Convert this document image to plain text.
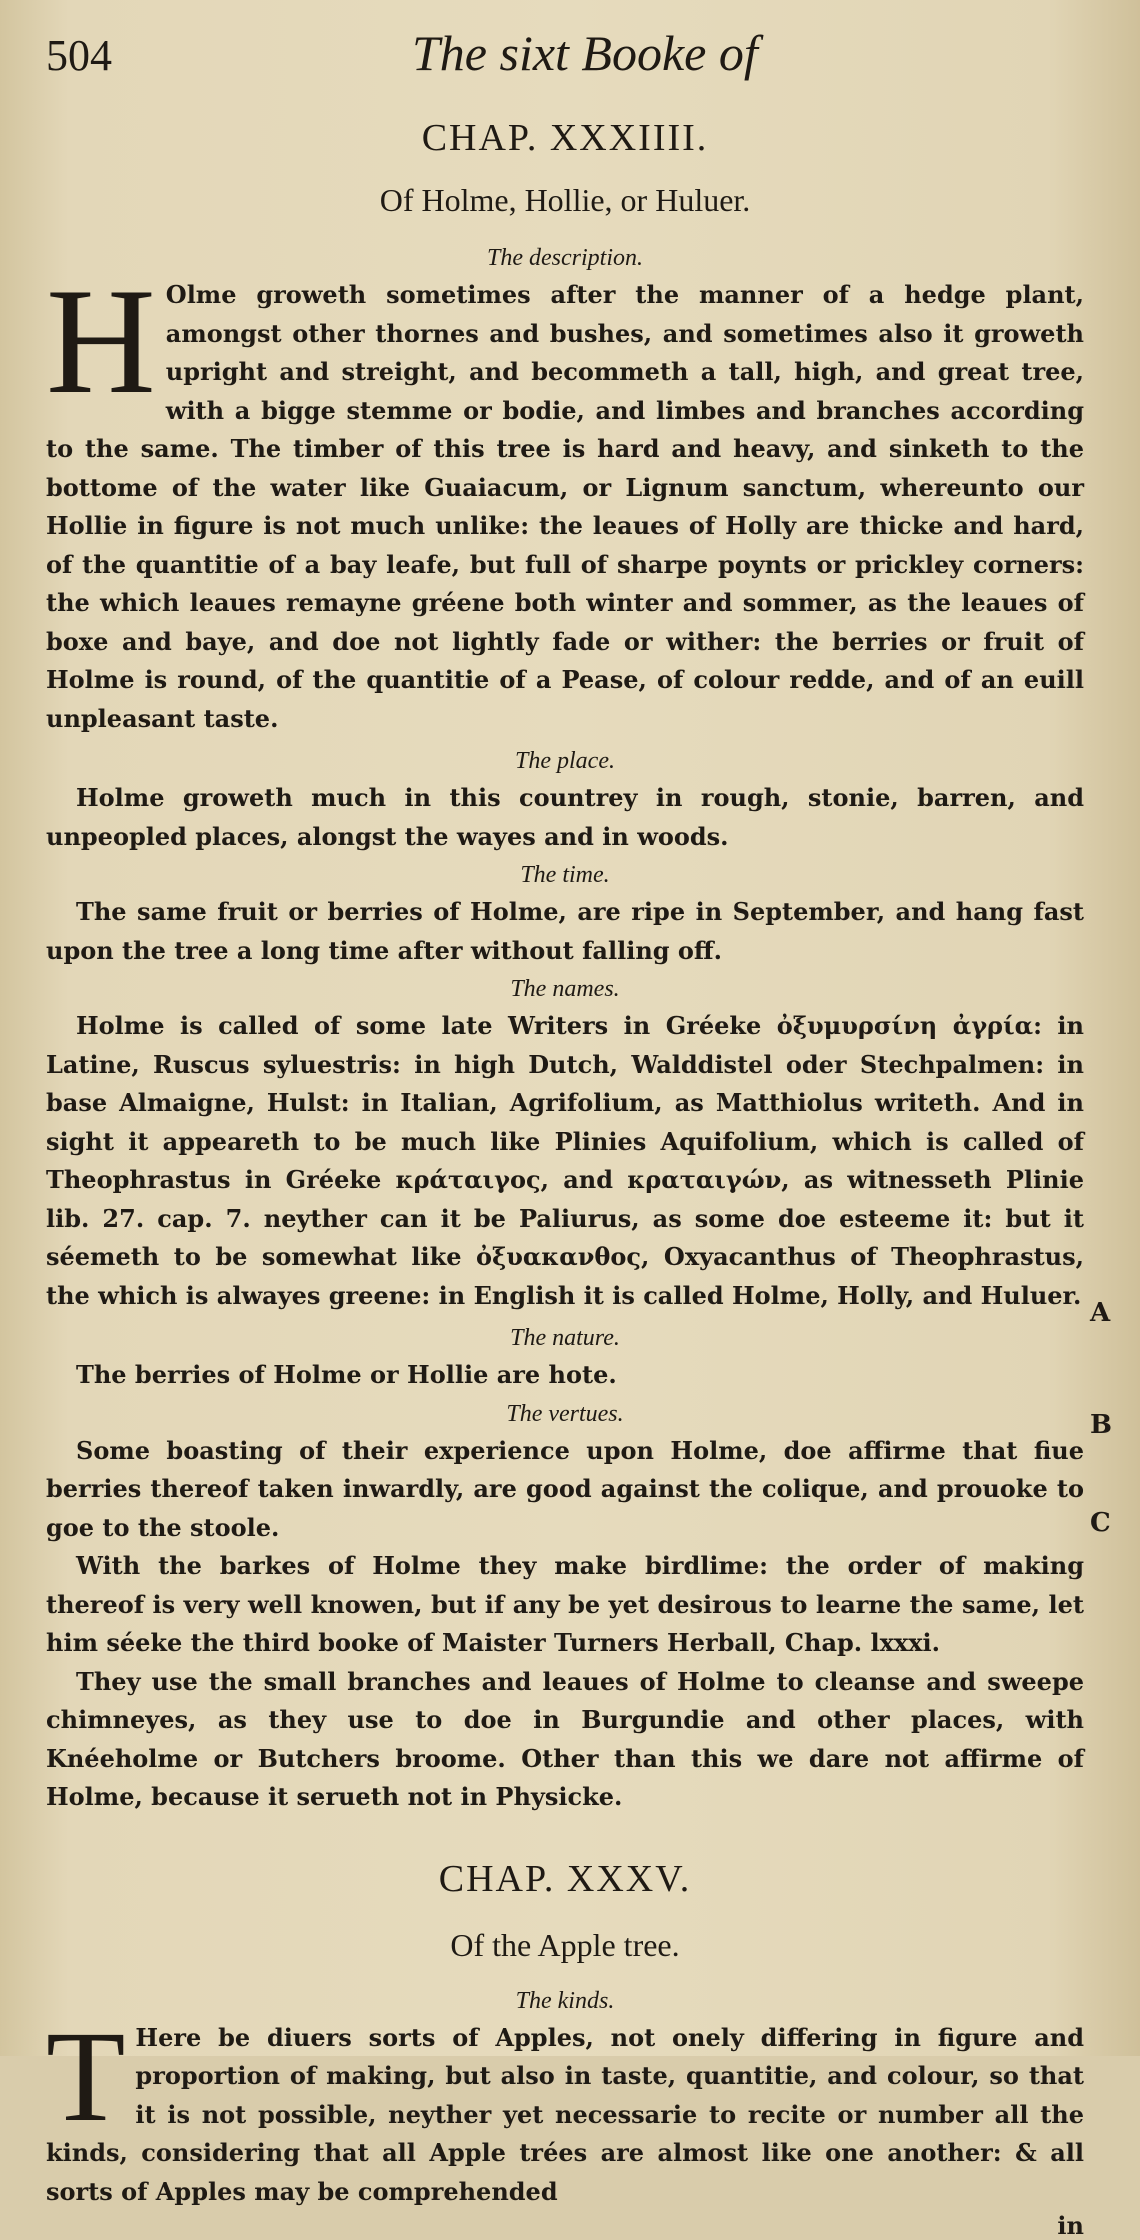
504	The sixt Booke of
CHAP. XXXIIII.
Of Holme, Hollie, or Huluer.
The description.

H Olme groweth sometimes after the manner of a hedge plant, amongst other thornes and bushes, and sometimes also it groweth upright and streight, and becommeth a tall, high, and great tree, with a bigge stemme or bodie, and limbes and branches according to the same. The timber of this tree is hard and heavy, and sinketh to the bottome of the water like Guaiacum, or Lignum sanctum, whereunto our Hollie in figure is not much unlike: the leaues of Holly are thicke and hard, of the quantitie of a bay leafe, but full of sharpe poynts or prickley corners: the which leaues remayne gréene both winter and sommer, as the leaues of boxe and baye, and doe not lightly fade or wither: the berries or fruit of Holme is round, of the quantitie of a Pease, of colour redde, and of an euill unpleasant taste.

The place.

Holme groweth much in this countrey in rough, stonie, barren, and unpeopled places, alongst the wayes and in woods.

The time.

The same fruit or berries of Holme, are ripe in September, and hang fast upon the tree a long time after without falling off.

The names.

Holme is called of some late Writers in Gréeke ὀξυμυρσίνη ἀγρία: in Latine, Ruscus syluestris: in high Dutch, Walddistel oder Stechpalmen: in base Almaigne, Hulst: in Italian, Agrifolium, as Matthiolus writeth. And in sight it appeareth to be much like Plinies Aquifolium, which is called of Theophrastus in Gréeke κράταιγος, and κραταιγών, as witnesseth Plinie lib. 27. cap. 7. neyther can it be Paliurus, as some doe esteeme it: but it séemeth to be somewhat like ὀξυακανθος, Oxyacanthus of Theophrastus, the which is alwayes greene: in English it is called Holme, Holly, and Huluer.

The nature.

The berries of Holme or Hollie are hote.

The vertues.

Some boasting of their experience upon Holme, doe affirme that fiue berries thereof taken inwardly, are good against the colique, and prouoke to goe to the stoole.

With the barkes of Holme they make birdlime: the order of making thereof is very well knowen, but if any be yet desirous to learne the same, let him séeke the third booke of Maister Turners Herball, Chap. lxxxi.

They use the small branches and leaues of Holme to cleanse and sweepe chimneyes, as they use to doe in Burgundie and other places, with Knéeholme or Butchers broome. Other than this we dare not affirme of Holme, because it serueth not in Physicke.

CHAP. XXXV.
Of the Apple tree.
The kinds.

T Here be diuers sorts of Apples, not onely differing in figure and proportion of making, but also in taste, quantitie, and colour, so that it is not possible, neyther yet necessarie to recite or number all the kinds, considering that all Apple trées are almost like one another: & all sorts of Apples may be comprehended

in
A
B
C
